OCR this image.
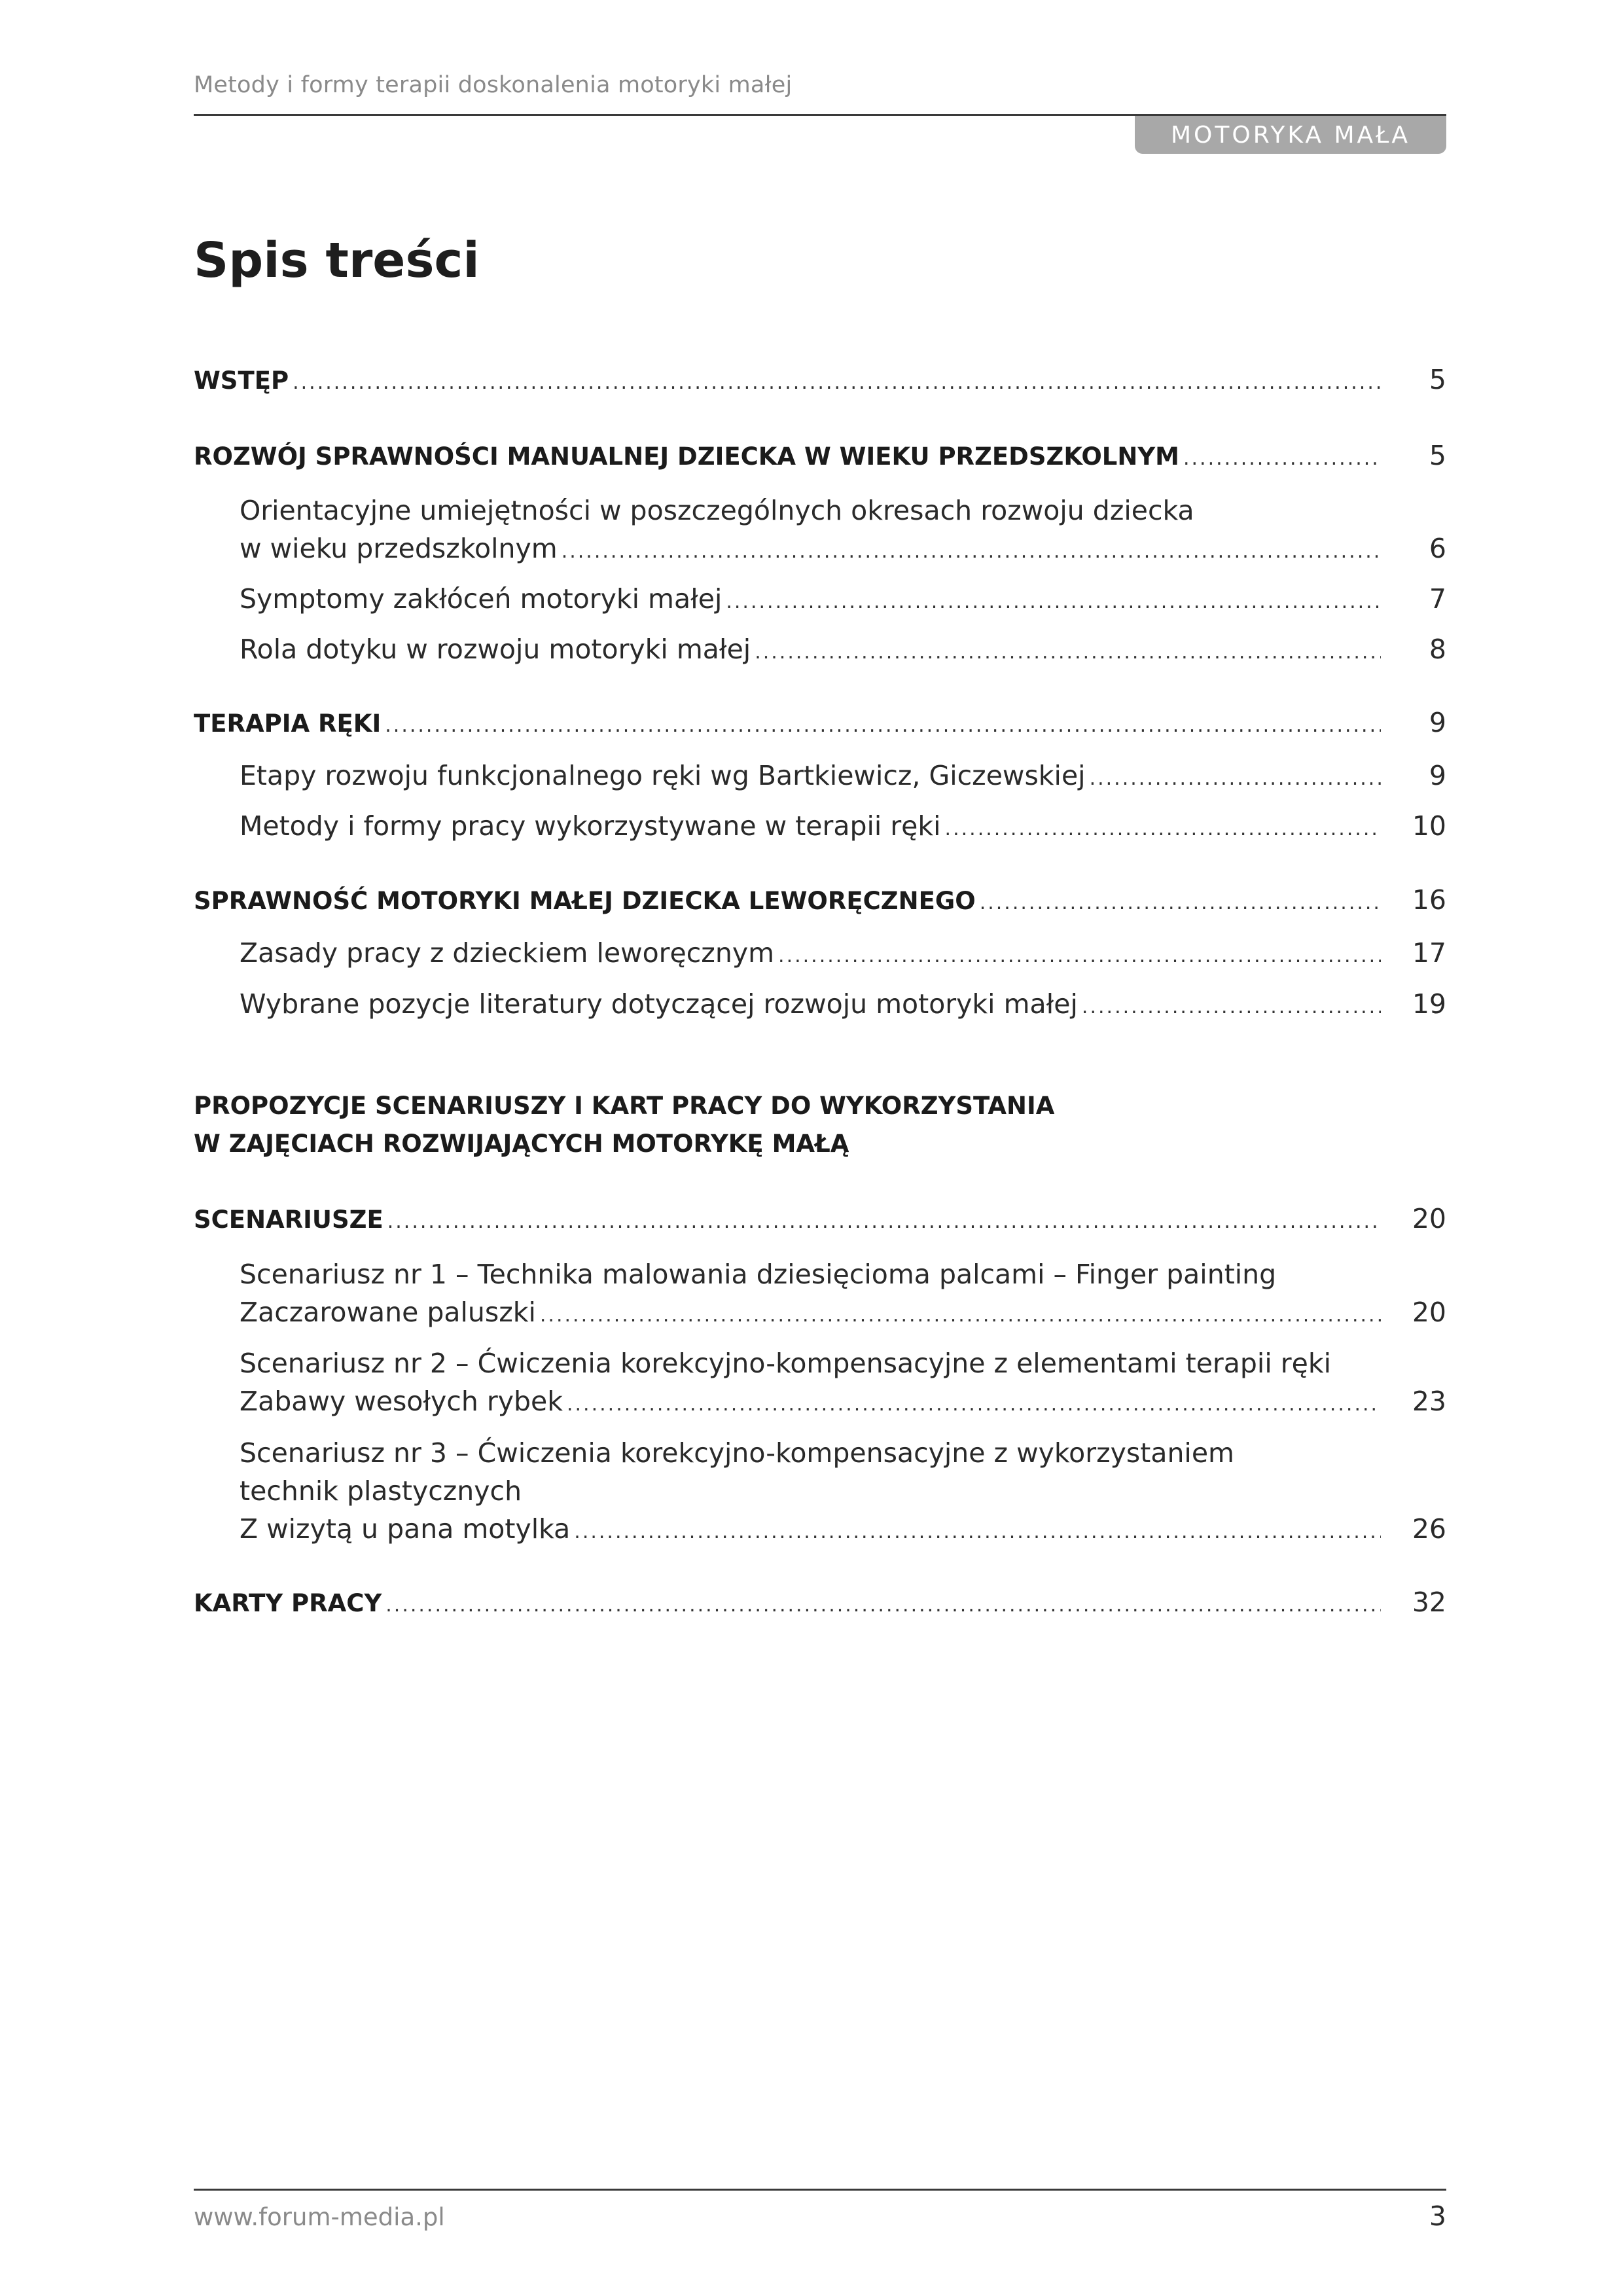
Metody i formy terapii doskonalenia motoryki małej
MOTORYKA MAŁA
Spis treści
WSTĘP .....	5
ROZWÓJ SPRAWNOŚCI MANUALNEJ DZIECKA W WIEKU PRZEDSZKOLNYM .....	5
Orientacyjne umiejętności w poszczególnych okresach rozwoju dziecka
w wieku przedszkolnym .....	6
Symptomy zakłóceń motoryki małej .....	7
Rola dotyku w rozwoju motoryki małej .....	8
TERAPIA RĘKI .....	9
Etapy rozwoju funkcjonalnego ręki wg Bartkiewicz, Giczewskiej .....	9
Metody i formy pracy wykorzystywane w terapii ręki .....	10
SPRAWNOŚĆ MOTORYKI MAŁEJ DZIECKA LEWORĘCZNEGO .....	16
Zasady pracy z dzieckiem leworęcznym .....	17
Wybrane pozycje literatury dotyczącej rozwoju motoryki małej .....	19
PROPOZYCJE SCENARIUSZY I KART PRACY DO WYKORZYSTANIA
W ZAJĘCIACH ROZWIJAJĄCYCH MOTORYKĘ MAŁĄ
SCENARIUSZE .....	20
Scenariusz nr 1 – Technika malowania dziesięcioma palcami – Finger painting
Zaczarowane paluszki .....	20
Scenariusz nr 2 – Ćwiczenia korekcyjno-kompensacyjne z elementami terapii ręki
Zabawy wesołych rybek .....	23
Scenariusz nr 3 – Ćwiczenia korekcyjno-kompensacyjne z wykorzystaniem
technik plastycznych
Z wizytą u pana motylka .....	26
KARTY PRACY .....	32
www.forum-media.pl	3
